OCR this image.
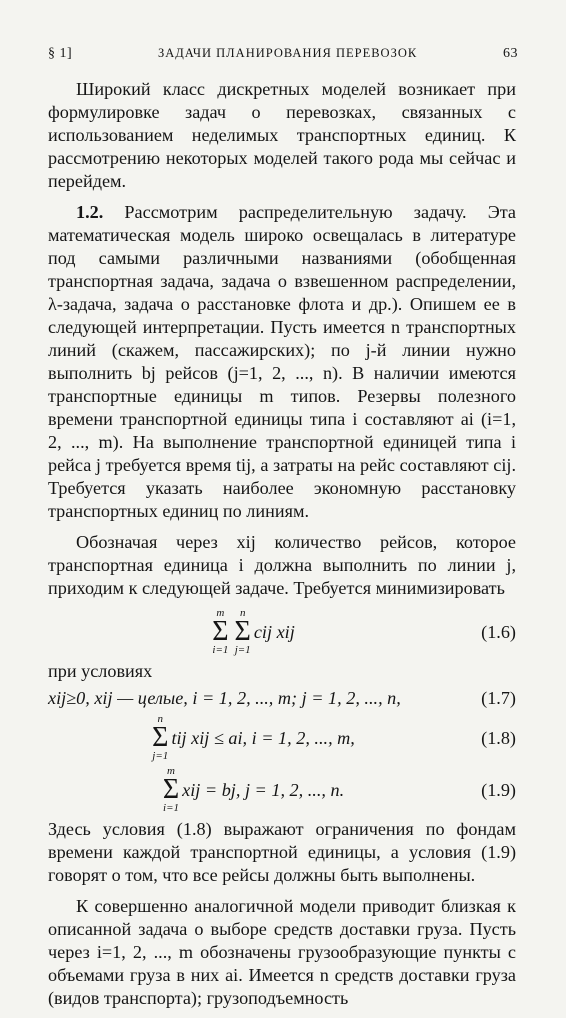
§ 1]	ЗАДАЧИ ПЛАНИРОВАНИЯ ПЕРЕВОЗОК	63

Широкий класс дискретных моделей возникает при формулировке задач о перевозках, связанных с использованием неделимых транспортных единиц. К рассмотрению некоторых моделей такого рода мы сейчас и перейдем.

1.2. Рассмотрим распределительную задачу. Эта математическая модель широко освещалась в литературе под самыми различными названиями (обобщенная транспортная задача, задача о взвешенном распределении, λ-задача, задача о расстановке флота и др.). Опишем ее в следующей интерпретации. Пусть имеется n транспортных линий (скажем, пассажирских); по j-й линии нужно выполнить bj рейсов (j=1, 2, ..., n). В наличии имеются транспортные единицы m типов. Резервы полезного времени транспортной единицы типа i составляют ai (i=1, 2, ..., m). На выполнение транспортной единицей типа i рейса j требуется время tij, а затраты на рейс составляют cij. Требуется указать наиболее экономную расстановку транспортных единиц по линиям.

Обозначая через xij количество рейсов, которое транспортная единица i должна выполнить по линии j, приходим к следующей задаче. Требуется минимизировать

m
Σ
i=1
n
Σ
j=1
cij xij	(1.6)

при условиях

xij≥0, xij — целые, i = 1, 2, ..., m; j = 1, 2, ..., n,	(1.7)
n
Σ
j=1
tij xij ≤ ai, i = 1, 2, ..., m,	(1.8)
m
Σ
i=1
xij = bj, j = 1, 2, ..., n.	(1.9)

Здесь условия (1.8) выражают ограничения по фондам времени каждой транспортной единицы, а условия (1.9) говорят о том, что все рейсы должны быть выполнены.

К совершенно аналогичной модели приводит близкая к описанной задача о выборе средств доставки груза. Пусть через i=1, 2, ..., m обозначены грузообразующие пункты с объемами груза в них ai. Имеется n средств доставки груза (видов транспорта); грузоподъемность
